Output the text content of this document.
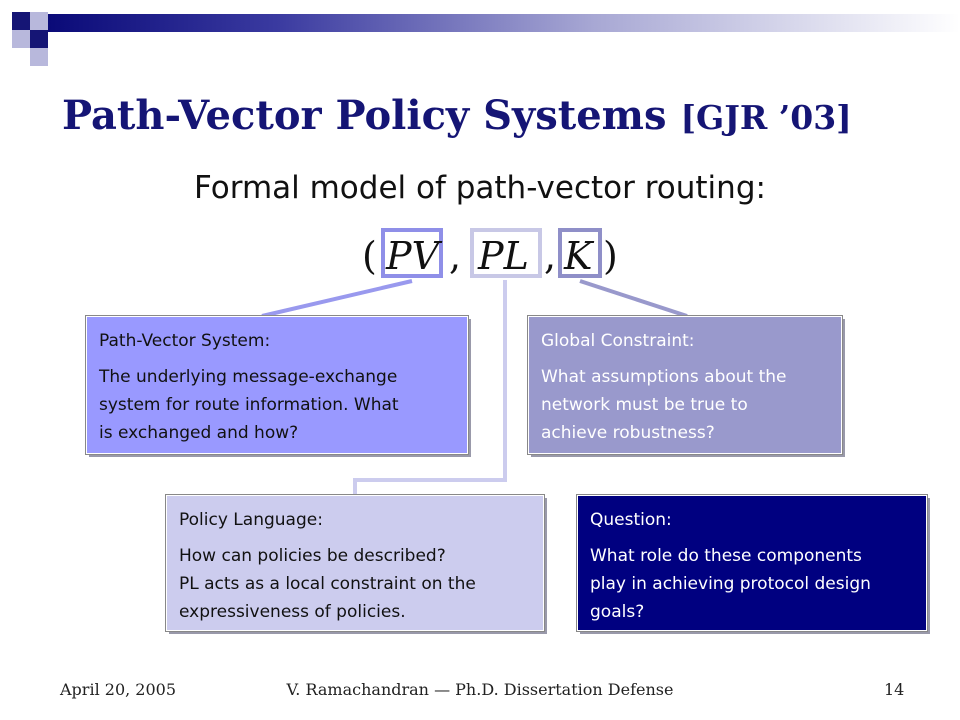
Path-Vector Policy Systems [GJR ’03]
Formal model of path-vector routing:
( PV , PL , K )
Path-Vector System:
The underlying message-exchange
system for route information. What
is exchanged and how?
Global Constraint:
What assumptions about the
network must be true to
achieve robustness?
Policy Language:
How can policies be described?
PL acts as a local constraint on the
expressiveness of policies.
Question:
What role do these components
play in achieving protocol design
goals?
April 20, 2005	V. Ramachandran — Ph.D. Dissertation Defense	14
